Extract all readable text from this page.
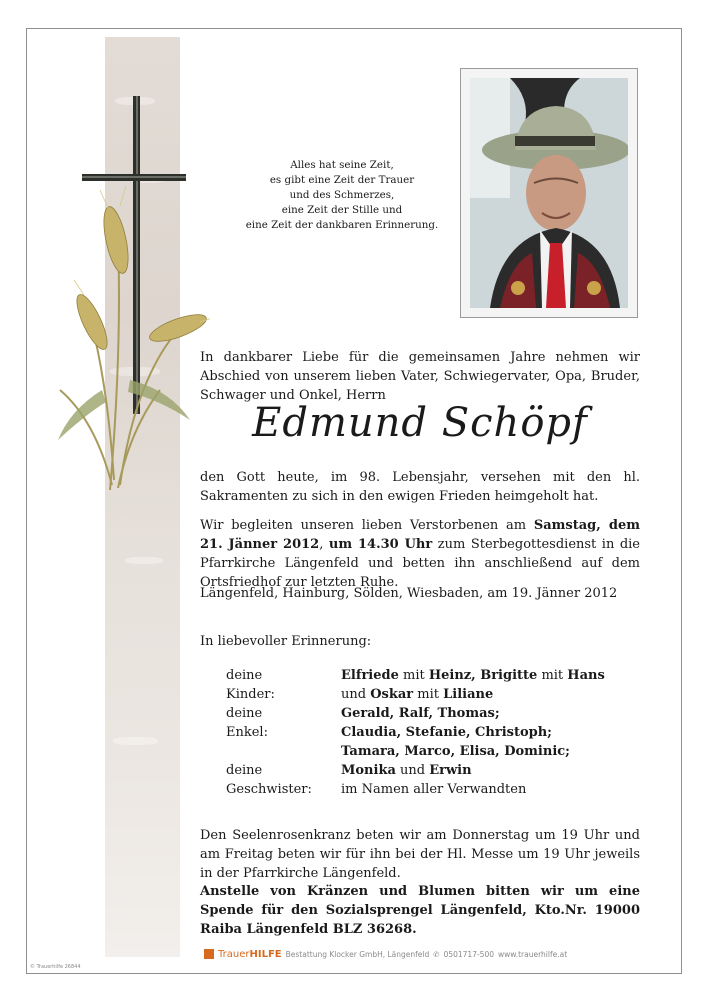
Alles hat seine Zeit,
es gibt eine Zeit der Trauer
und des Schmerzes,
eine Zeit der Stille und
eine Zeit der dankbaren Erinnerung.
In dankbarer Liebe für die gemeinsamen Jahre nehmen wir Abschied von unserem lieben Vater, Schwiegervater, Opa, Bruder, Schwager und Onkel, Herrn
Edmund Schöpf
den Gott heute, im 98. Lebensjahr, versehen mit den hl. Sakramenten zu sich in den ewigen Frieden heimgeholt hat.
Wir begleiten unseren lieben Verstorbenen am Samstag, dem 21. Jänner 2012, um 14.30 Uhr zum Sterbegottesdienst in die Pfarrkirche Längenfeld und betten ihn anschließend auf dem Ortsfriedhof zur letzten Ruhe.
Längenfeld, Hainburg, Sölden, Wiesbaden, am 19. Jänner 2012
In liebevoller Erinnerung:
deine Kinder:
Elfriede mit Heinz, Brigitte mit Hans
und Oskar mit Liliane
deine Enkel:
Gerald, Ralf, Thomas;
Claudia, Stefanie, Christoph;
Tamara, Marco, Elisa, Dominic;
deine Geschwister:
Monika und Erwin
im Namen aller Verwandten
Den Seelenrosenkranz beten wir am Donnerstag um 19 Uhr und am Freitag beten wir für ihn bei der Hl. Messe um 19 Uhr jeweils in der Pfarrkirche Längenfeld.
Anstelle von Kränzen und Blumen bitten wir um eine Spende für den Sozialsprengel Längenfeld, Kto.Nr. 19000 Raiba Längenfeld BLZ 36268.
TrauerHILFE Bestattung Klocker GmbH, Längenfeld ✆ 0501717-500 www.trauerhilfe.at
© Trauerhilfe 26844
